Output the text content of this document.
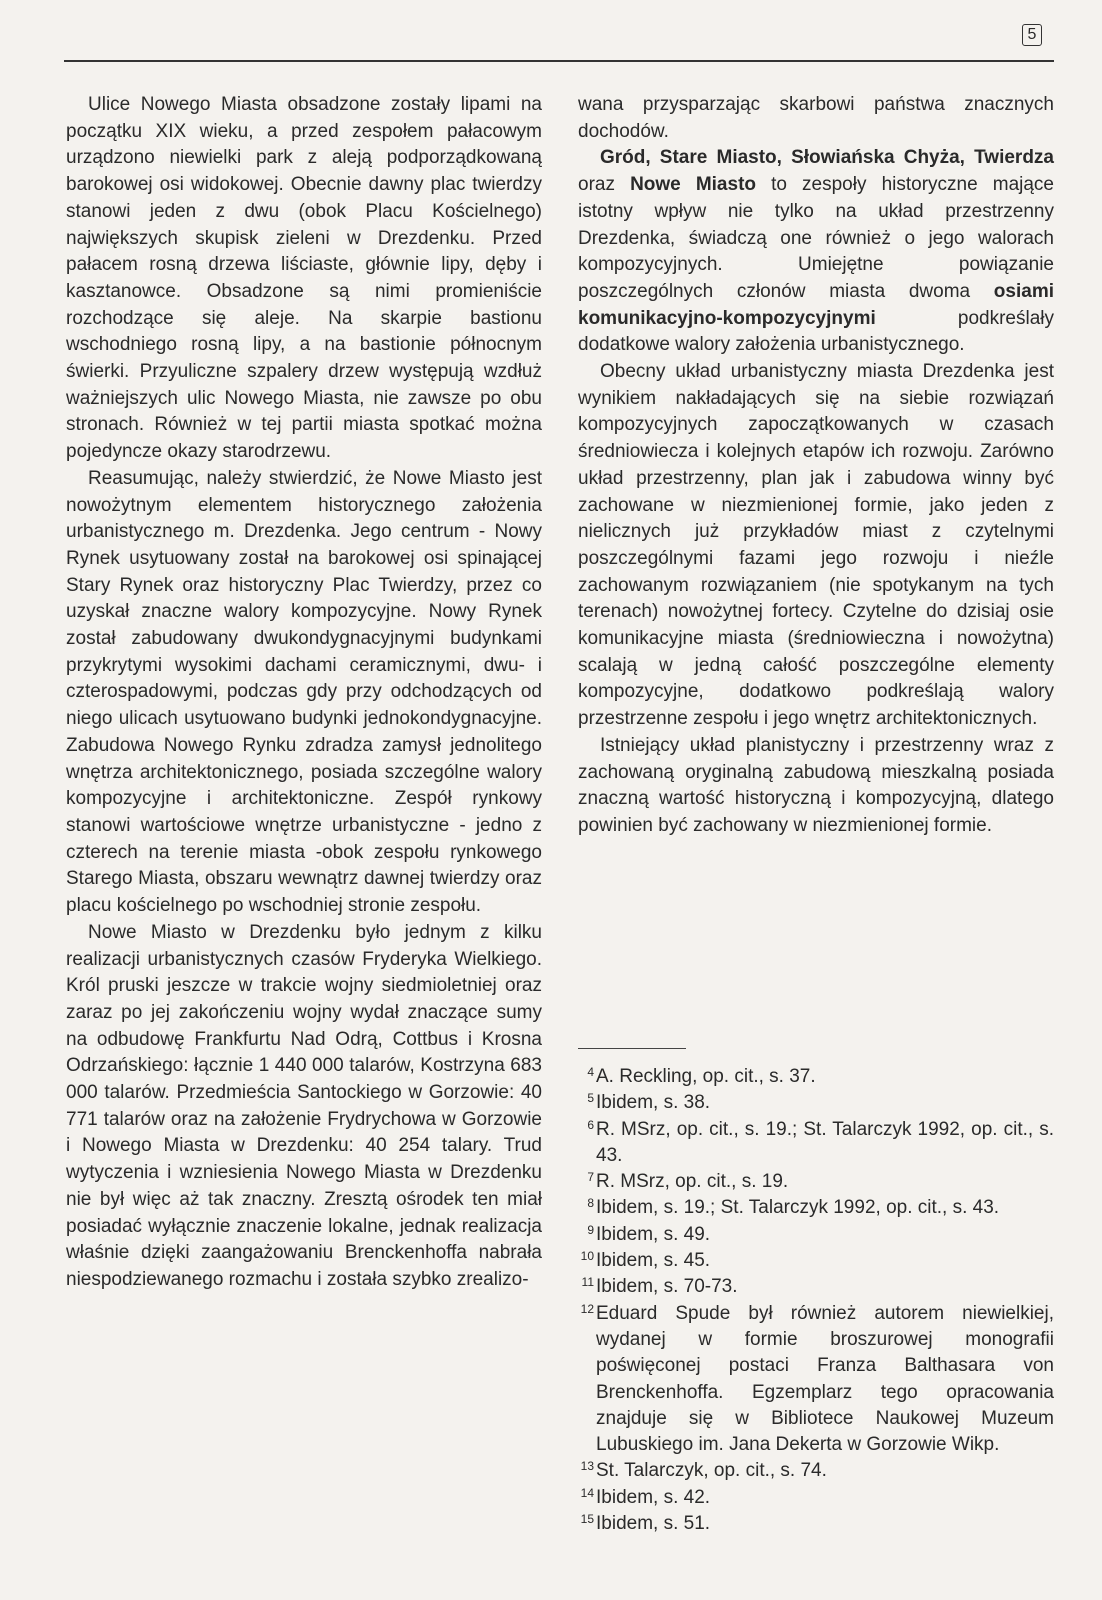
5

Ulice Nowego Miasta obsadzone zostały lipami na początku XIX wieku, a przed zespołem pałacowym urządzono niewielki park z aleją podporządkowaną barokowej osi widokowej. Obecnie dawny plac twierdzy stanowi jeden z dwu (obok Placu Kościelnego) największych skupisk zieleni w Drezdenku. Przed pałacem rosną drzewa liściaste, głównie lipy, dęby i kasztanowce. Obsadzone są nimi promieniście rozchodzące się aleje. Na skarpie bastionu wschodniego rosną lipy, a na bastionie północnym świerki. Przyuliczne szpalery drzew występują wzdłuż ważniejszych ulic Nowego Miasta, nie zawsze po obu stronach. Również w tej partii miasta spotkać można pojedyncze okazy starodrzewu.

Reasumując, należy stwierdzić, że Nowe Miasto jest nowożytnym elementem historycznego założenia urbanistycznego m. Drezdenka. Jego centrum - Nowy Rynek usytuowany został na barokowej osi spinającej Stary Rynek oraz historyczny Plac Twierdzy, przez co uzyskał znaczne walory kompozycyjne. Nowy Rynek został zabudowany dwukondygnacyjnymi budynkami przykrytymi wysokimi dachami ceramicznymi, dwu- i czterospadowymi, podczas gdy przy odchodzących od niego ulicach usytuowano budynki jednokondygnacyjne. Zabudowa Nowego Rynku zdradza zamysł jednolitego wnętrza architektonicznego, posiada szczególne walory kompozycyjne i architektoniczne. Zespół rynkowy stanowi wartościowe wnętrze urbanistyczne - jedno z czterech na terenie miasta -obok zespołu rynkowego Starego Miasta, obszaru wewnątrz dawnej twierdzy oraz placu kościelnego po wschodniej stronie zespołu.

Nowe Miasto w Drezdenku było jednym z kilku realizacji urbanistycznych czasów Fryderyka Wielkiego. Król pruski jeszcze w trakcie wojny siedmioletniej oraz zaraz po jej zakończeniu wojny wydał znaczące sumy na odbudowę Frankfurtu Nad Odrą, Cottbus i Krosna Odrzańskiego: łącznie 1 440 000 talarów, Kostrzyna 683 000 talarów. Przedmieścia Santockiego w Gorzowie: 40 771 talarów oraz na założenie Frydrychowa w Gorzowie i Nowego Miasta w Drezdenku: 40 254 talary. Trud wytyczenia i wzniesienia Nowego Miasta w Drezdenku nie był więc aż tak znaczny. Zresztą ośrodek ten miał posiadać wyłącznie znaczenie lokalne, jednak realizacja właśnie dzięki zaangażowaniu Brenckenhoffa nabrała niespodziewanego rozmachu i została szybko zrealizo-

wana przysparzając skarbowi państwa znacznych dochodów.

Gród, Stare Miasto, Słowiańska Chyża, Twierdza oraz Nowe Miasto to zespoły historyczne mające istotny wpływ nie tylko na układ przestrzenny Drezdenka, świadczą one również o jego walorach kompozycyjnych. Umiejętne powiązanie poszczególnych członów miasta dwoma osiami komunikacyjno-kompozycyjnymi podkreślały dodatkowe walory założenia urbanistycznego.

Obecny układ urbanistyczny miasta Drezdenka jest wynikiem nakładających się na siebie rozwiązań kompozycyjnych zapoczątkowanych w czasach średniowiecza i kolejnych etapów ich rozwoju. Zarówno układ przestrzenny, plan jak i zabudowa winny być zachowane w niezmienionej formie, jako jeden z nielicznych już przykładów miast z czytelnymi poszczególnymi fazami jego rozwoju i nieźle zachowanym rozwiązaniem (nie spotykanym na tych terenach) nowożytnej fortecy. Czytelne do dzisiaj osie komunikacyjne miasta (średniowieczna i nowożytna) scalają w jedną całość poszczególne elementy kompozycyjne, dodatkowo podkreślają walory przestrzenne zespołu i jego wnętrz architektonicznych.

Istniejący układ planistyczny i przestrzenny wraz z zachowaną oryginalną zabudową mieszkalną posiada znaczną wartość historyczną i kompozycyjną, dlatego powinien być zachowany w niezmienionej formie.

4 A. Reckling, op. cit., s. 37.
5 Ibidem, s. 38.
6 R. MSrz, op. cit., s. 19.; St. Talarczyk 1992, op. cit., s. 43.
7 R. MSrz, op. cit., s. 19.
8 Ibidem, s. 19.; St. Talarczyk 1992, op. cit., s. 43.
9 Ibidem, s. 49.
10 Ibidem, s. 45.
11 Ibidem, s. 70-73.
12 Eduard Spude był również autorem niewielkiej, wydanej w formie broszurowej monografii poświęconej postaci Franza Balthasara von Brenckenhoffa. Egzemplarz tego opracowania znajduje się w Bibliotece Naukowej Muzeum Lubuskiego im. Jana Dekerta w Gorzowie Wikp.
13 St. Talarczyk, op. cit., s. 74.
14 Ibidem, s. 42.
15 Ibidem, s. 51.
